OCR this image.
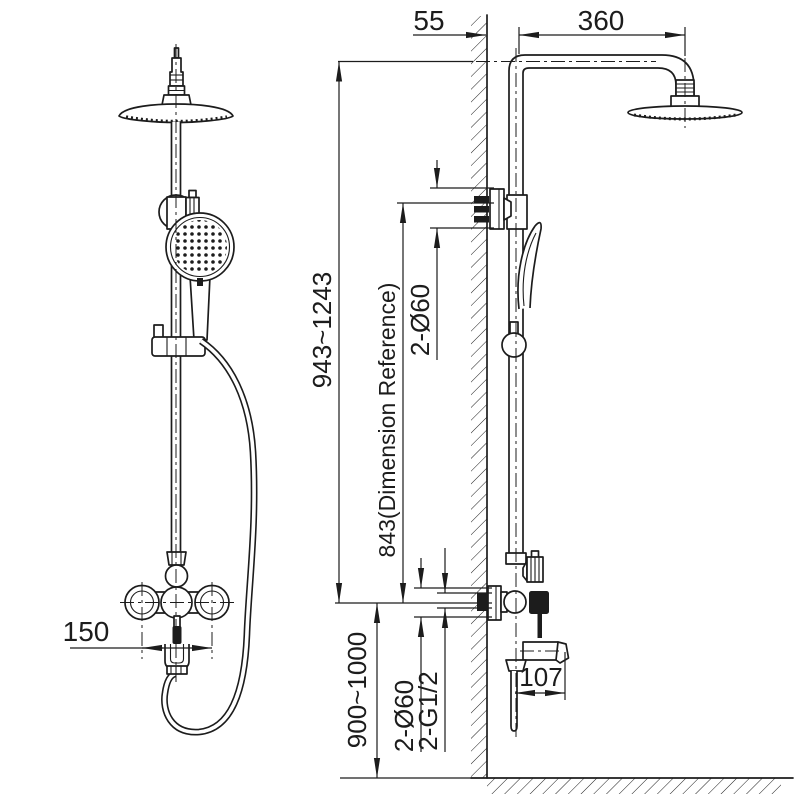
150
55	360
943~1243 843(Dimension Reference) 2-Ø60
900~1000 2-Ø60
2-G1/2	107
